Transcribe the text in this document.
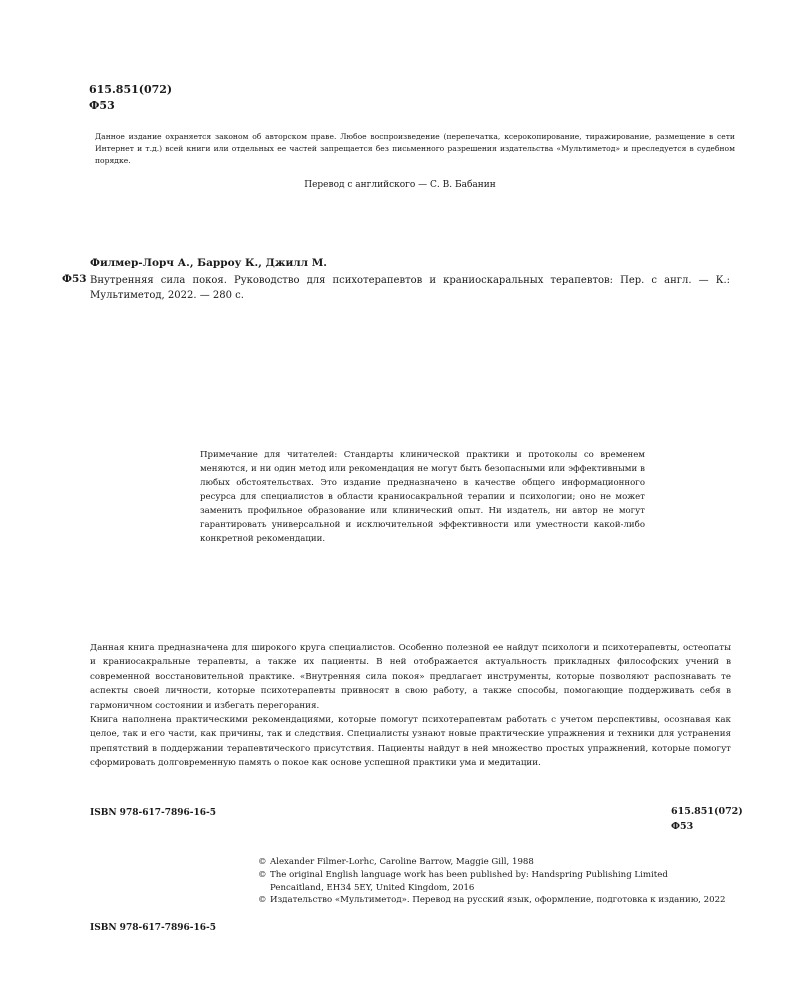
615.851(072)
Ф53

Данное издание охраняется законом об авторском праве. Любое воспроизведение (перепечатка, ксерокопирование, тиражирование, размещение в сети Интернет и т.д.) всей книги или отдельных ее частей запрещается без письменного разрешения издательства «Мультиметод» и преследуется в судебном порядке.

Перевод с английского — С. В. Бабанин
Филмер-Лорч А., Барроу К., Джилл М.
Ф53 Внутренняя сила покоя. Руководство для психотерапевтов и краниоскаральных терапевтов: Пер. с англ. — К.: Мультиметод, 2022. — 280 с.

Примечание для читателей: Стандарты клинической практики и протоколы со временем меняются, и ни один метод или рекомендация не могут быть безопасными или эффективными в любых обстоятельствах. Это издание предназначено в качестве общего информационного ресурса для специалистов в области краниосакральной терапии и психологии; оно не может заменить профильное образование или клинический опыт. Ни издатель, ни автор не могут гарантировать универсальной и исключительной эффективности или уместности какой-либо конкретной рекомендации.

Данная книга предназначена для широкого круга специалистов. Особенно полезной ее найдут психологи и психотерапевты, остеопаты и краниосакральные терапевты, а также их пациенты. В ней отображается актуальность прикладных философских учений в современной восстановительной практике. «Внутренняя сила покоя» предлагает инструменты, которые позволяют распознавать те аспекты своей личности, которые психотерапевты привносят в свою работу, а также способы, помогающие поддерживать себя в гармоничном состоянии и избегать перегорания.

Книга наполнена практическими рекомендациями, которые помогут психотерапевтам работать с учетом перспективы, осознавая как целое, так и его части, как причины, так и следствия. Специалисты узнают новые практические упражнения и техники для устранения препятствий в поддержании терапевтического присутствия. Пациенты найдут в ней множество простых упражнений, которые помогут сформировать долговременную память о покое как основе успешной практики ума и медитации.

ISBN 978-617-7896-16-5	615.851(072)
Ф53
© Alexander Filmer-Lorhc, Caroline Barrow, Maggie Gill, 1988
© The original English language work has been published by: Handspring Publishing Limited
Pencaitland, EH34 5EY, United Kingdom, 2016
© Издательство «Мультиметод». Перевод на русский язык, оформление, подготовка к изданию, 2022
ISBN 978-617-7896-16-5
